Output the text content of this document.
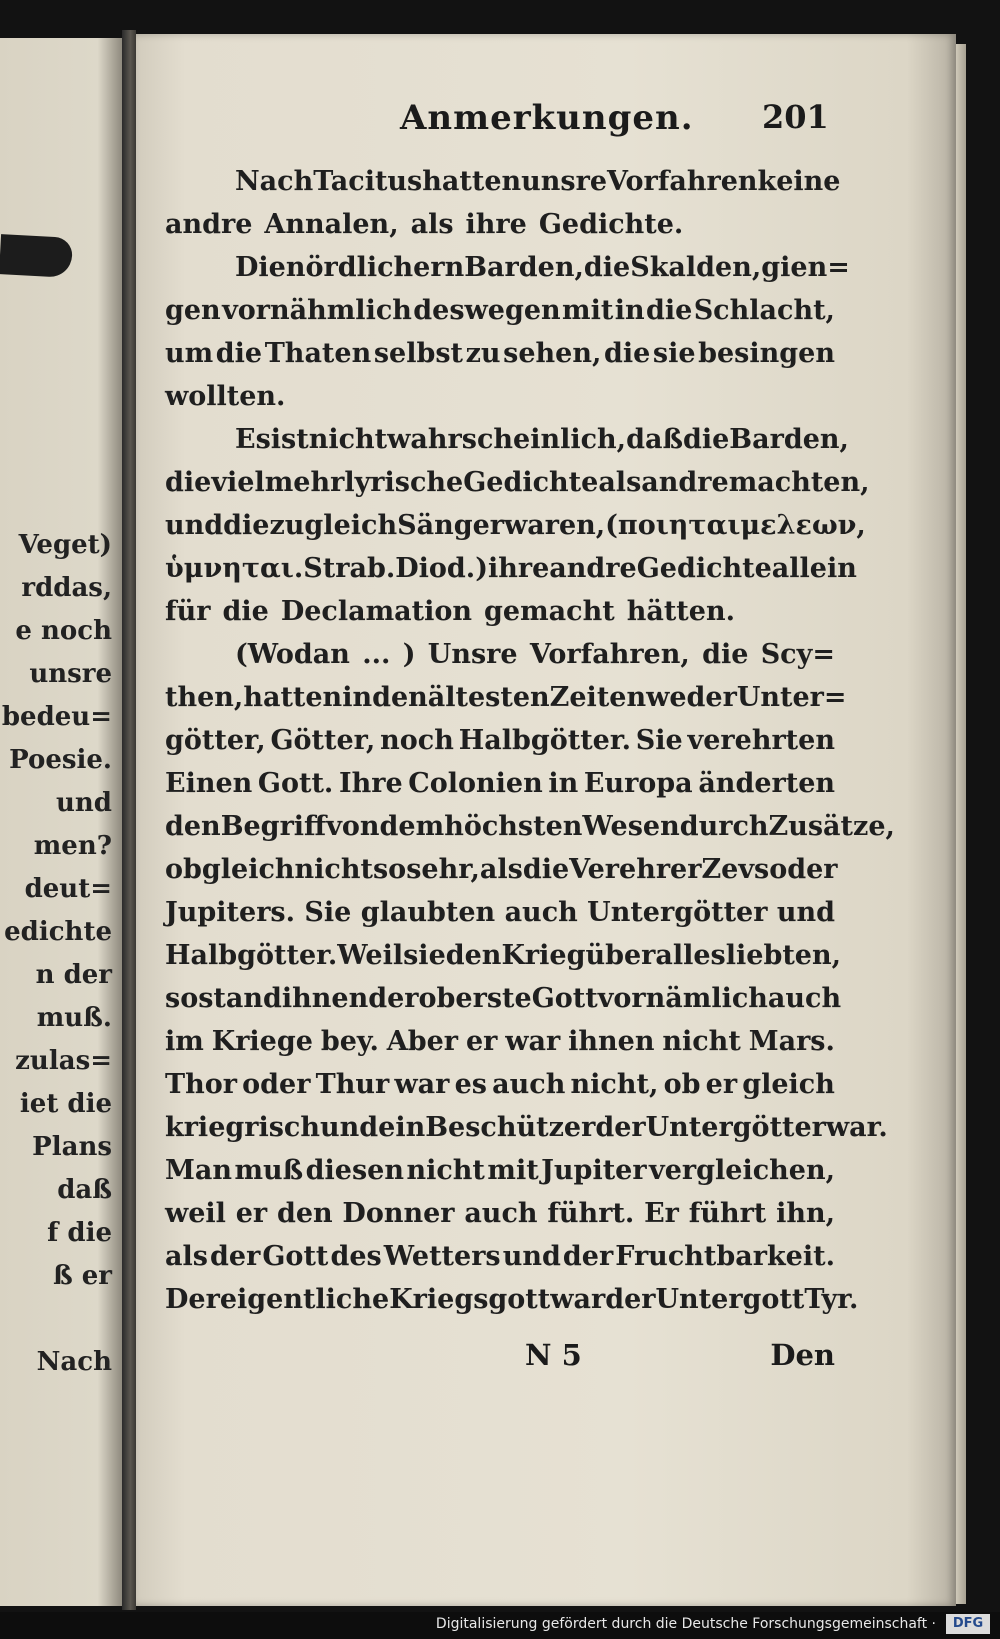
Veget)
rddas,
e noch
unsre
bedeu=
Poesie.
und
men?
deut=
edichte
n der
muß.
zulas=
iet die
Plans
daß
f die
ß er
Nach
Anmerkungen. 201
Nach Tacitus hatten unsre Vorfahren keine
andre Annalen, als ihre Gedichte.
Die nördlichern Barden, die Skalden, gien=
gen vornähmlich deswegen mit in die Schlacht,
um die Thaten selbst zu sehen, die sie besingen
wollten.
Es ist nicht wahrscheinlich, daß die Barden,
die viel mehr lyrische Gedichte als andre machten,
und die zugleich Sänger waren, (ποιηται μελεων,
ὑμνηται. Strab. Diod.) ihre andre Gedichte allein
für die Declamation gemacht hätten.
(Wodan ... ) Unsre Vorfahren, die Scy=
then, hatten in den ältesten Zeiten weder Unter=
götter, Götter, noch Halbgötter. Sie verehrten
Einen Gott. Ihre Colonien in Europa änderten
den Begriff von dem höchsten Wesen durch Zusätze,
obgleich nicht so sehr, als die Verehrer Zevs oder
Jupiters. Sie glaubten auch Untergötter und
Halbgötter. Weil sie den Krieg über alles liebten,
so stand ihnen der oberste Gott vornämlich auch
im Kriege bey. Aber er war ihnen nicht Mars.
Thor oder Thur war es auch nicht, ob er gleich
kriegrisch und ein Beschützer der Untergötter war.
Man muß diesen nicht mit Jupiter vergleichen,
weil er den Donner auch führt. Er führt ihn,
als der Gott des Wetters und der Fruchtbarkeit.
Der eigentliche Kriegsgott war der Untergott Tyr.
N 5	Den
Digitalisierung gefördert durch die Deutsche Forschungsgemeinschaft ·	DFG
